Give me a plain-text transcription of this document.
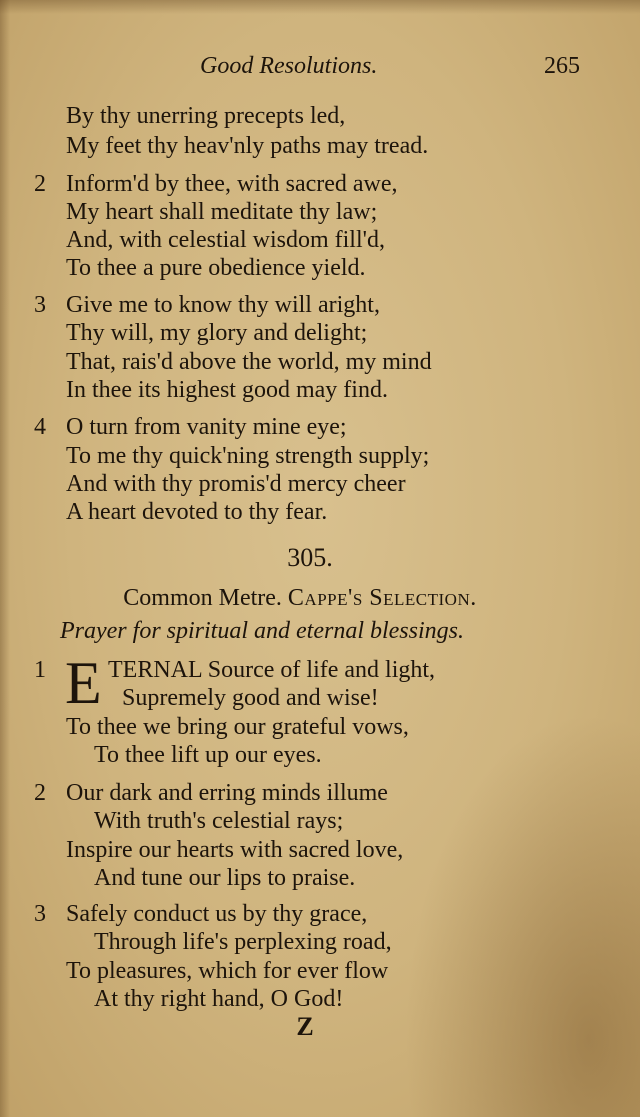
Good Resolutions.	265
By thy unerring precepts led,
My feet thy heav'nly paths may tread.
2 Inform'd by thee, with sacred awe,
My heart shall meditate thy law;
And, with celestial wisdom fill'd,
To thee a pure obedience yield.
3 Give me to know thy will aright,
Thy will, my glory and delight;
That, rais'd above the world, my mind
In thee its highest good may find.
4 O turn from vanity mine eye;
To me thy quick'ning strength supply;
And with thy promis'd mercy cheer
A heart devoted to thy fear.
305.
Common Metre. Cappe's Selection.
Prayer for spiritual and eternal blessings.
E
1	TERNAL Source of life and light,
Supremely good and wise!
To thee we bring our grateful vows,
To thee lift up our eyes.
2 Our dark and erring minds illume
With truth's celestial rays;
Inspire our hearts with sacred love,
And tune our lips to praise.
3 Safely conduct us by thy grace,
Through life's perplexing road,
To pleasures, which for ever flow
At thy right hand, O God!
Z
